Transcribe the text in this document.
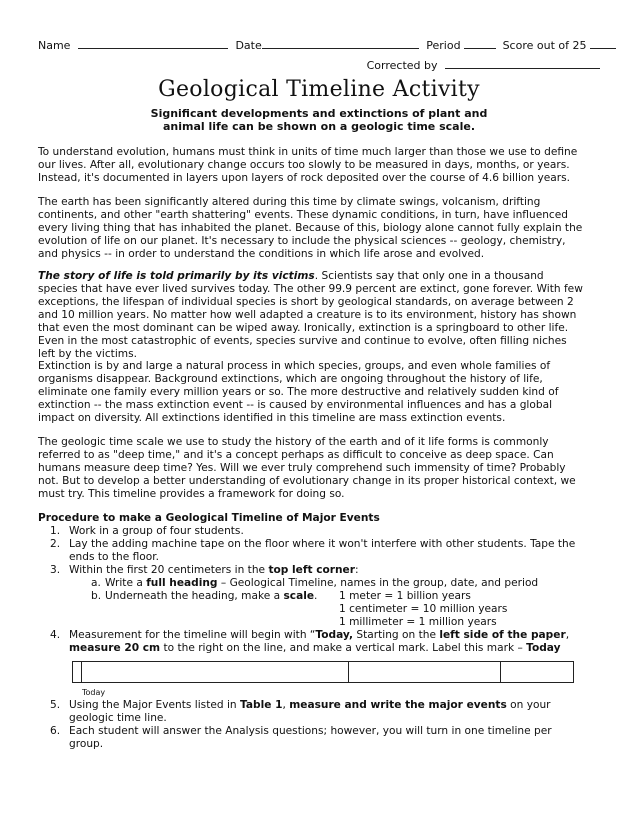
Name	Date	Period	Score out of 25
Corrected by
Geological Timeline Activity
Significant developments and extinctions of plant and
animal life can be shown on a geologic time scale.

To understand evolution, humans must think in units of time much larger than those we use to define our lives. After all, evolutionary change occurs too slowly to be measured in days, months, or years. Instead, it's documented in layers upon layers of rock deposited over the course of 4.6 billion years.

The earth has been significantly altered during this time by climate swings, volcanism, drifting continents, and other "earth shattering" events. These dynamic conditions, in turn, have influenced every living thing that has inhabited the planet. Because of this, biology alone cannot fully explain the evolution of life on our planet. It's necessary to include the physical sciences -- geology, chemistry, and physics -- in order to understand the conditions in which life arose and evolved.

The story of life is told primarily by its victims. Scientists say that only one in a thousand species that have ever lived survives today. The other 99.9 percent are extinct, gone forever. With few exceptions, the lifespan of individual species is short by geological standards, on average between 2 and 10 million years. No matter how well adapted a creature is to its environment, history has shown that even the most dominant can be wiped away. Ironically, extinction is a springboard to other life. Even in the most catastrophic of events, species survive and continue to evolve, often filling niches left by the victims.

Extinction is by and large a natural process in which species, groups, and even whole families of organisms disappear. Background extinctions, which are ongoing throughout the history of life, eliminate one family every million years or so. The more destructive and relatively sudden kind of extinction -- the mass extinction event -- is caused by environmental influences and has a global impact on diversity. All extinctions identified in this timeline are mass extinction events.

The geologic time scale we use to study the history of the earth and of it life forms is commonly referred to as "deep time," and it's a concept perhaps as difficult to conceive as deep space. Can humans measure deep time? Yes. Will we ever truly comprehend such immensity of time? Probably not. But to develop a better understanding of evolutionary change in its proper historical context, we must try. This timeline provides a framework for doing so.

Procedure to make a Geological Timeline of Major Events
1. Work in a group of four students.
2. Lay the adding machine tape on the floor where it won't interfere with other students. Tape the ends to the floor.
3. Within the first 20 centimeters in the top left corner:
a. Write a full heading – Geological Timeline, names in the group, date, and period
b. Underneath the heading, make a scale. 1 meter = 1 billion years
1 centimeter = 10 million years
1 millimeter = 1 million years
4. Measurement for the timeline will begin with “Today, Starting on the left side of the paper, measure 20 cm to the right on the line, and make a vertical mark. Label this mark – Today
Today
5. Using the Major Events listed in Table 1, measure and write the major events on your geologic time line.
6. Each student will answer the Analysis questions; however, you will turn in one timeline per group.
